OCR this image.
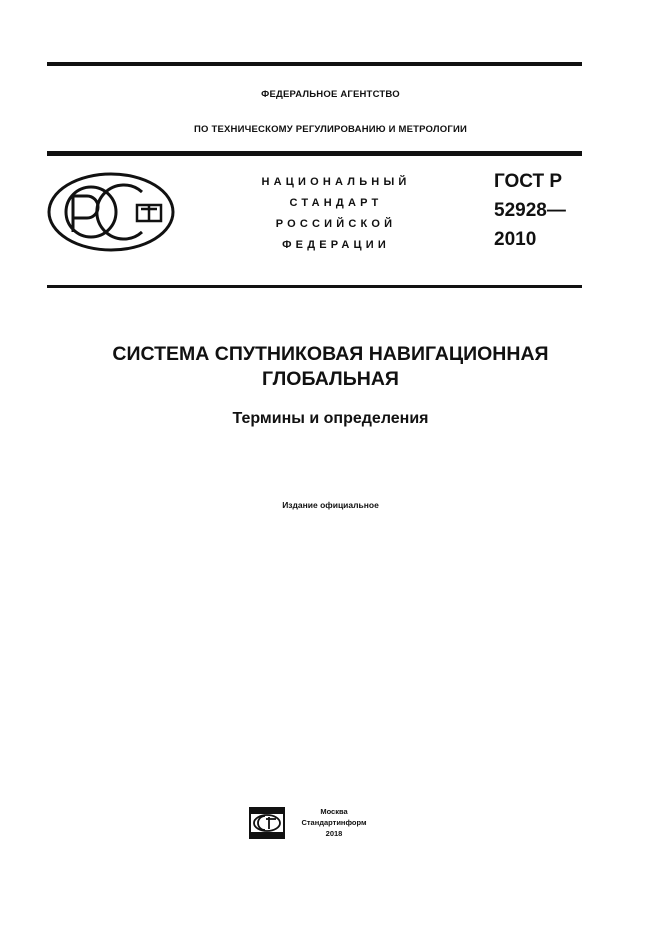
ФЕДЕРАЛЬНОЕ АГЕНТСТВО
ПО ТЕХНИЧЕСКОМУ РЕГУЛИРОВАНИЮ И МЕТРОЛОГИИ
НАЦИОНАЛЬНЫЙ
СТАНДАРТ
РОССИЙСКОЙ
ФЕДЕРАЦИИ
ГОСТ Р
52928—
2010
СИСТЕМА СПУТНИКОВАЯ НАВИГАЦИОННАЯ
ГЛОБАЛЬНАЯ
Термины и определения
Издание официальное
Москва
Стандартинформ
2018
